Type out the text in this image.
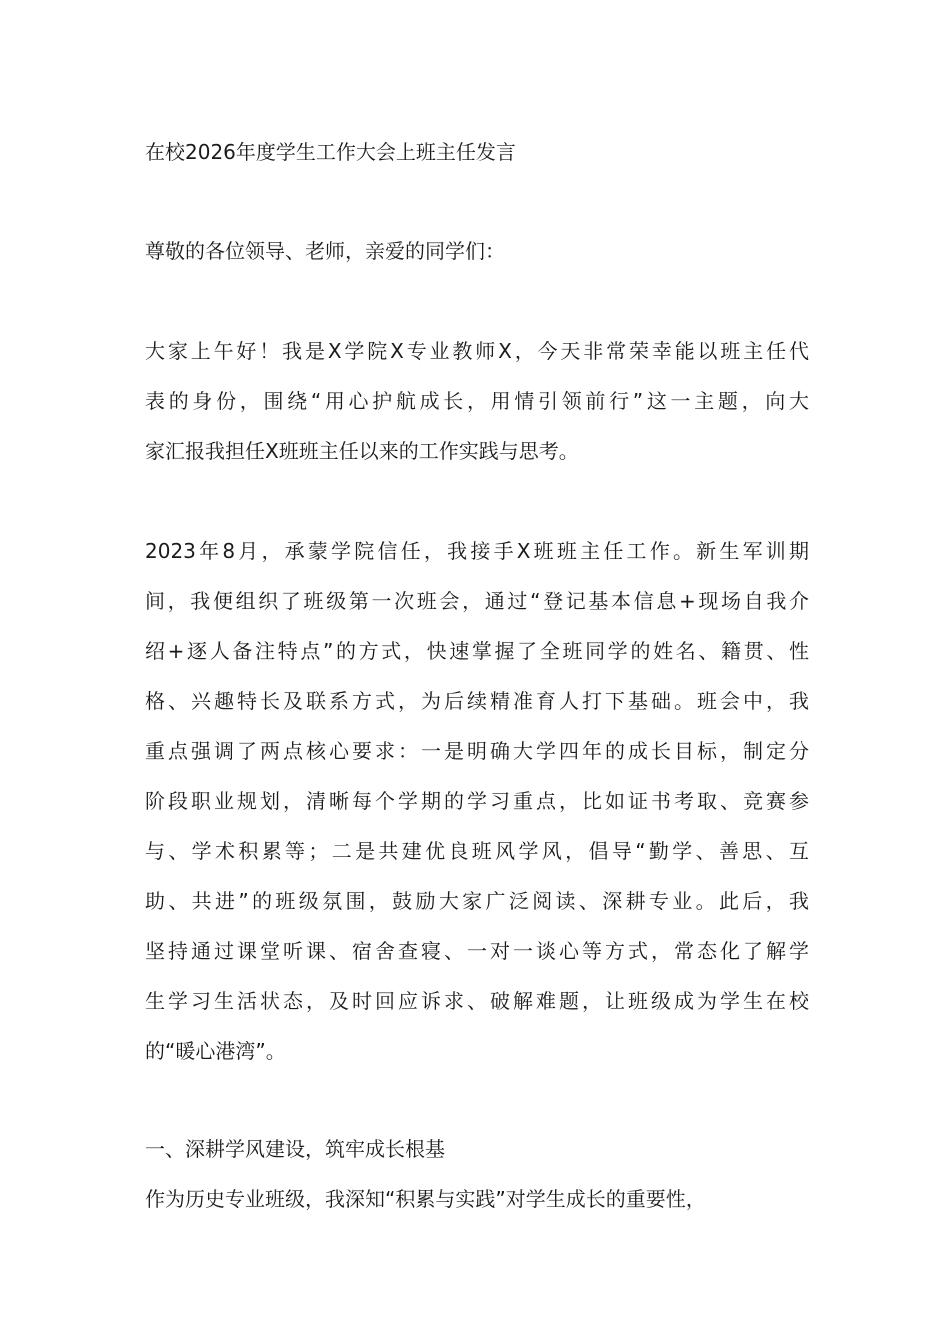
在校2026年度学生工作大会上班主任发言

尊敬的各位领导、老师，亲爱的同学们：

大家上午好！我是X学院X专业教师X，今天非常荣幸能以班主任代
表的身份，围绕“用心护航成长，用情引领前行”这一主题，向大
家汇报我担任X班班主任以来的工作实践与思考。
2023年8月，承蒙学院信任，我接手X班班主任工作。新生军训期
间，我便组织了班级第一次班会，通过“登记基本信息+现场自我介
绍+逐人备注特点”的方式，快速掌握了全班同学的姓名、籍贯、性
格、兴趣特长及联系方式，为后续精准育人打下基础。班会中，我
重点强调了两点核心要求：一是明确大学四年的成长目标，制定分
阶段职业规划，清晰每个学期的学习重点，比如证书考取、竞赛参
与、学术积累等；二是共建优良班风学风，倡导“勤学、善思、互
助、共进”的班级氛围，鼓励大家广泛阅读、深耕专业。此后，我
坚持通过课堂听课、宿舍查寝、一对一谈心等方式，常态化了解学
生学习生活状态，及时回应诉求、破解难题，让班级成为学生在校
的“暖心港湾”。

一、深耕学风建设，筑牢成长根基

作为历史专业班级，我深知“积累与实践”对学生成长的重要性，
